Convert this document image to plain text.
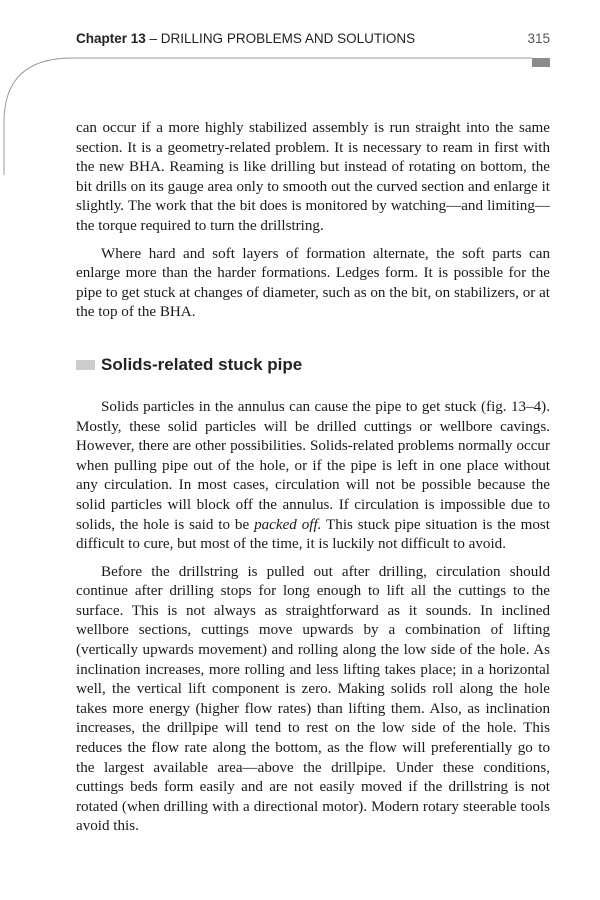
Chapter 13 – DRILLING PROBLEMS AND SOLUTIONS	315

can occur if a more highly stabilized assembly is run straight into the same section. It is a geometry-related problem. It is necessary to ream in first with the new BHA. Reaming is like drilling but instead of rotating on bottom, the bit drills on its gauge area only to smooth out the curved section and enlarge it slightly. The work that the bit does is monitored by watching—and limiting—the torque required to turn the drillstring.

Where hard and soft layers of formation alternate, the soft parts can enlarge more than the harder formations. Ledges form. It is possible for the pipe to get stuck at changes of diameter, such as on the bit, on stabilizers, or at the top of the BHA.

Solids-related stuck pipe

Solids particles in the annulus can cause the pipe to get stuck (fig. 13–4). Mostly, these solid particles will be drilled cuttings or wellbore cavings. However, there are other possibilities. Solids-related problems normally occur when pulling pipe out of the hole, or if the pipe is left in one place without any circulation. In most cases, circulation will not be possible because the solid particles will block off the annulus. If circulation is impossible due to solids, the hole is said to be packed off. This stuck pipe situation is the most difficult to cure, but most of the time, it is luckily not difficult to avoid.

Before the drillstring is pulled out after drilling, circulation should continue after drilling stops for long enough to lift all the cuttings to the surface. This is not always as straightforward as it sounds. In inclined wellbore sections, cuttings move upwards by a combination of lifting (vertically upwards movement) and rolling along the low side of the hole. As inclination increases, more rolling and less lifting takes place; in a horizontal well, the vertical lift component is zero. Making solids roll along the hole takes more energy (higher flow rates) than lifting them. Also, as inclination increases, the drillpipe will tend to rest on the low side of the hole. This reduces the flow rate along the bottom, as the flow will preferentially go to the largest available area—above the drillpipe. Under these conditions, cuttings beds form easily and are not easily moved if the drillstring is not rotated (when drilling with a directional motor). Modern rotary steerable tools avoid this.
